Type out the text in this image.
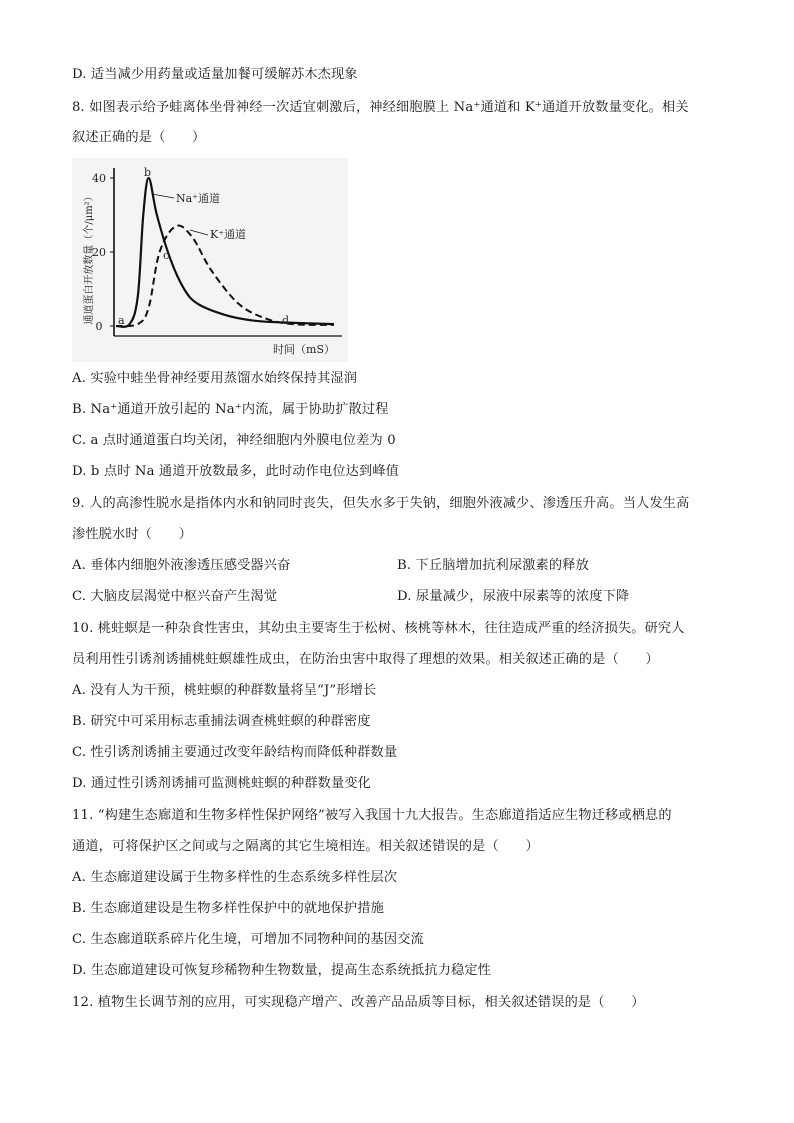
D. 适当减少用药量或适量加餐可缓解苏木杰现象
8. 如图表示给予蛙离体坐骨神经一次适宜刺激后，神经细胞膜上 Na⁺通道和 K⁺通道开放数量变化。相关
叙述正确的是（　　）
通道蛋白开放数量（个/μm²）
40
20
0
Na⁺通道
K⁺通道
a
b
c
d
时间（mS）
A. 实验中蛙坐骨神经要用蒸馏水始终保持其湿润
B. Na⁺通道开放引起的 Na⁺内流，属于协助扩散过程
C. a 点时通道蛋白均关闭，神经细胞内外膜电位差为 0
D. b 点时 Na 通道开放数最多，此时动作电位达到峰值
9. 人的高渗性脱水是指体内水和钠同时丧失，但失水多于失钠，细胞外液减少、渗透压升高。当人发生高
渗性脱水时（　　）
A. 垂体内细胞外液渗透压感受器兴奋	B. 下丘脑增加抗利尿激素的释放
C. 大脑皮层渴觉中枢兴奋产生渴觉	D. 尿量减少，尿液中尿素等的浓度下降
10. 桃蛀螟是一种杂食性害虫，其幼虫主要寄生于松树、核桃等林木，往往造成严重的经济损失。研究人
员利用性引诱剂诱捕桃蛀螟雄性成虫，在防治虫害中取得了理想的效果。相关叙述正确的是（　　）
A. 没有人为干预，桃蛀螟的种群数量将呈“J”形增长
B. 研究中可采用标志重捕法调查桃蛀螟的种群密度
C. 性引诱剂诱捕主要通过改变年龄结构而降低种群数量
D. 通过性引诱剂诱捕可监测桃蛀螟的种群数量变化
11. “构建生态廊道和生物多样性保护网络”被写入我国十九大报告。生态廊道指适应生物迁移或栖息的
通道，可将保护区之间或与之隔离的其它生境相连。相关叙述错误的是（　　）
A. 生态廊道建设属于生物多样性的生态系统多样性层次
B. 生态廊道建设是生物多样性保护中的就地保护措施
C. 生态廊道联系碎片化生境，可增加不同物种间的基因交流
D. 生态廊道建设可恢复珍稀物种生物数量，提高生态系统抵抗力稳定性
12. 植物生长调节剂的应用，可实现稳产增产、改善产品品质等目标，相关叙述错误的是（　　）
